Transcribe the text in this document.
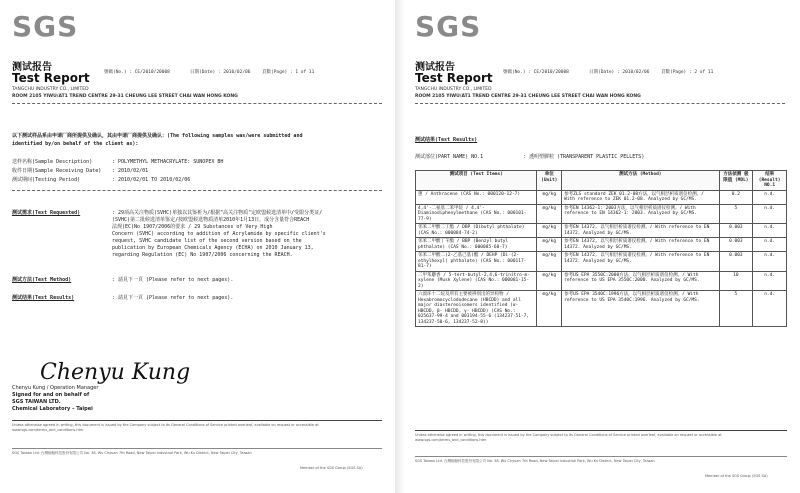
SGS
测试报告
Test Report	號碼(No.) : CE/2010/20008	日期(Date) : 2010/02/06	頁數(Page) : 1 of 11
TANGCHU INDUSTRY CO., LIMITED
ROOM 2105 YIWU/AT1 TREND CENTRE 29-31 CHEUNG LEE STREET CHAI WAN HONG KONG
以下测试样品系由申请厂商所提供及确认，其由申请厂商提供及确认：(The following samples was/were submitted and
identified by/on behalf of the client as):
送样名称(Sample Description)	: POLYMETHYL METHACRYLATE: SUNOPEX BH
收件日期(Sample Receiving Date) : 2010/02/01
测试期间(Testing Period)	: 2010/02/01 TO 2010/02/06
测试需求(Test Requested)	: 29项高关注物质(SVHC)单独以其鉴析为/根据"高关注物质"定欧盟候选清单中/受限分类证/
(SVHC)第二批候选清单鉴定/按欧盟候选物质清单2010年1月13日，成分含量符合REACH
法规(EC)No 1907/2006的要求 / 29 Substances of Very High
Concern (SVHC) according to addition of Acrylamide by specific client's
request, SVHC candidate list of the second version based on the
publication by European Chemicals Agency (ECHA) on 2010 January 13,
regarding Regulation (EC) No 1907/2006 concerning the REACH.
测试方法(Test Method)	: 請見下一頁 (Please refer to next pages).
测试结果(Test Results)	: 請見下一頁 (Please refer to next pages).
Chenyu Kung
Chenyu Kung / Operation Manager
Signed for and on behalf of
SGS TAIWAN LTD.
Chemical Laboratory – Taipei
Unless otherwise agreed in writing, this document is issued by the Company subject to its General Conditions of Service printed overleaf, available on request or accessible at www.sgs.com/terms_and_conditions.htm
SGS Taiwan Ltd. 台灣檢驗科技股份有限公司 No. 38, Wu Chyuan 7th Road, New Taipei Industrial Park, Wu Ku District, New Taipei City, Taiwan
Member of the SGS Group (SGS SA)
SGS
测试报告
Test Report 號碼(No.) : CE/2010/20008	日期(Date) : 2010/02/06	頁數(Page) : 2 of 11
TANGCHU INDUSTRY CO., LIMITED
ROOM 2105 YIWU/AT1 TREND CENTRE 29-31 CHEUNG LEE STREET CHAI WAN HONG KONG
测试结果(Test Results)
测试部位(PART NAME) NO.1	: 透明塑膠粒 (TRANSPARENT PLASTIC PELLETS)
测试项目 (Test Items)	单位 (Unit)	测试方法 (Method)	方法侦测 极限值 (MDL)	结果 (Result) NO.1
蒽 / Anthracene (CAS No.: 000120-12-7)	mg/kg	参考ZLS standard ZEK 01.2-08方法，以气相层析质谱仪检测。/ With reference to ZEK 01.2-08. Analyzed by GC/MS.	0.2	n.d.
4,4'-二氨基二苯甲烷 / 4,4'-Diaminodiphenylmethane (CAS No.: 000101-77-9)	mg/kg	参考EN 14362-1: 2003方法，以气相层析质谱仪检测。/ With reference to EN 14362-1: 2003. Analyzed by GC/MS.	5	n.d.
邻苯二甲酸二丁酯 / DBP (Dibutyl phthalate) (CAS No.: 000084-74-2)	mg/kg	参考EN 14372, 以气相层析质谱仪检测。/ With reference to EN 14372. Analyzed by GC/MS.	0.003	n.d.
邻苯二甲酸丁苄酯 / BBP (Benzyl butyl phthalate) (CAS No.: 000085-68-7)	mg/kg	参考EN 14372, 以气相层析质谱仪检测。/ With reference to EN 14372. Analyzed by GC/MS.	0.003	n.d.
邻苯二甲酸二(2-乙基己基)酯 / DEHP (Di-(2-ethylhexyl) phthalate) (CAS No.: 000117-81-7)	mg/kg	参考EN 14372, 以气相层析质谱仪检测。/ With reference to EN 14372. Analyzed by GC/MS.	0.003	n.d.
二甲苯麝香 / 5-tert-butyl-2,4,6-trinitro-m-xylene (Musk Xylene) (CAS No.: 000081-15-2)	mg/kg	参考US EPA 3550C:2000方法，以气相层析质谱仪检测。/ With reference to US EPA 3550C:2000. Analyzed by GC/MS.	10	n.d.
六溴环十二烷及所有主要被辨别出的异构物 / Hexabromocyclododecane (HBCDD) and all major diastereoisomers identified (α- HBCDD, β- HBCDD, γ- HBCDD) (CAS No.: 025637-99-4 and 003194-55-6 (134237-51-7, 134237-50-6, 134237-52-8))	mg/kg	参考US EPA 3540C:1996方法，以气相层析质谱仪检测。/ With reference to US EPA 3540C:1996. Analyzed by GC/MS.	5	n.d.
Unless otherwise agreed in writing, this document is issued by the Company subject to its General Conditions of Service printed overleaf, available on request or accessible at www.sgs.com/terms_and_conditions.htm
SGS Taiwan Ltd. 台灣檢驗科技股份有限公司 No. 38, Wu Chyuan 7th Road, New Taipei Industrial Park, Wu Ku District, New Taipei City, Taiwan
Member of the SGS Group (SGS SA)
